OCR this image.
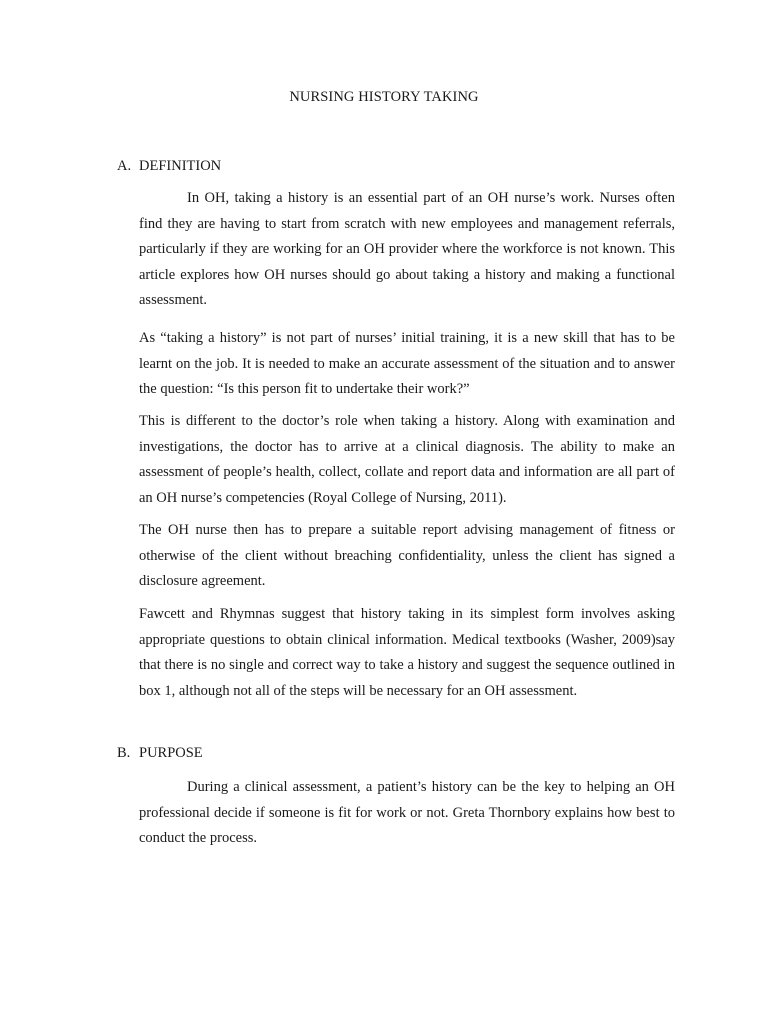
NURSING HISTORY TAKING
A. DEFINITION

In OH, taking a history is an essential part of an OH nurse’s work. Nurses often find they are having to start from scratch with new employees and management referrals, particularly if they are working for an OH provider where the workforce is not known. This article explores how OH nurses should go about taking a history and making a functional assessment.

As “taking a history” is not part of nurses’ initial training, it is a new skill that has to be learnt on the job. It is needed to make an accurate assessment of the situation and to answer the question: “Is this person fit to undertake their work?”

This is different to the doctor’s role when taking a history. Along with examination and investigations, the doctor has to arrive at a clinical diagnosis. The ability to make an assessment of people’s health, collect, collate and report data and information are all part of an OH nurse’s competencies (Royal College of Nursing, 2011).

The OH nurse then has to prepare a suitable report advising management of fitness or otherwise of the client without breaching confidentiality, unless the client has signed a disclosure agreement.

Fawcett and Rhymnas suggest that history taking in its simplest form involves asking appropriate questions to obtain clinical information. Medical textbooks (Washer, 2009)say that there is no single and correct way to take a history and suggest the sequence outlined in box 1, although not all of the steps will be necessary for an OH assessment.

B. PURPOSE

During a clinical assessment, a patient’s history can be the key to helping an OH professional decide if someone is fit for work or not. Greta Thornbory explains how best to conduct the process.
